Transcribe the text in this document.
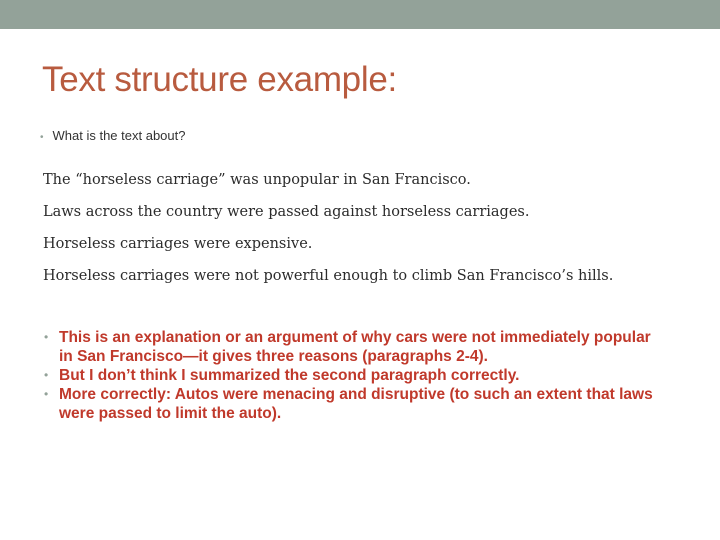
Text structure example:
• What is the text about?
The “horseless carriage” was unpopular in San Francisco.
Laws across the country were passed against horseless carriages.
Horseless carriages were expensive.
Horseless carriages were not powerful enough to climb San Francisco’s hills.
• This is an explanation or an argument of why cars were not immediately popular in San Francisco—it gives three reasons (paragraphs 2-4).
• But I don’t think I summarized the second paragraph correctly.
• More correctly: Autos were menacing and disruptive (to such an extent that laws were passed to limit the auto).
